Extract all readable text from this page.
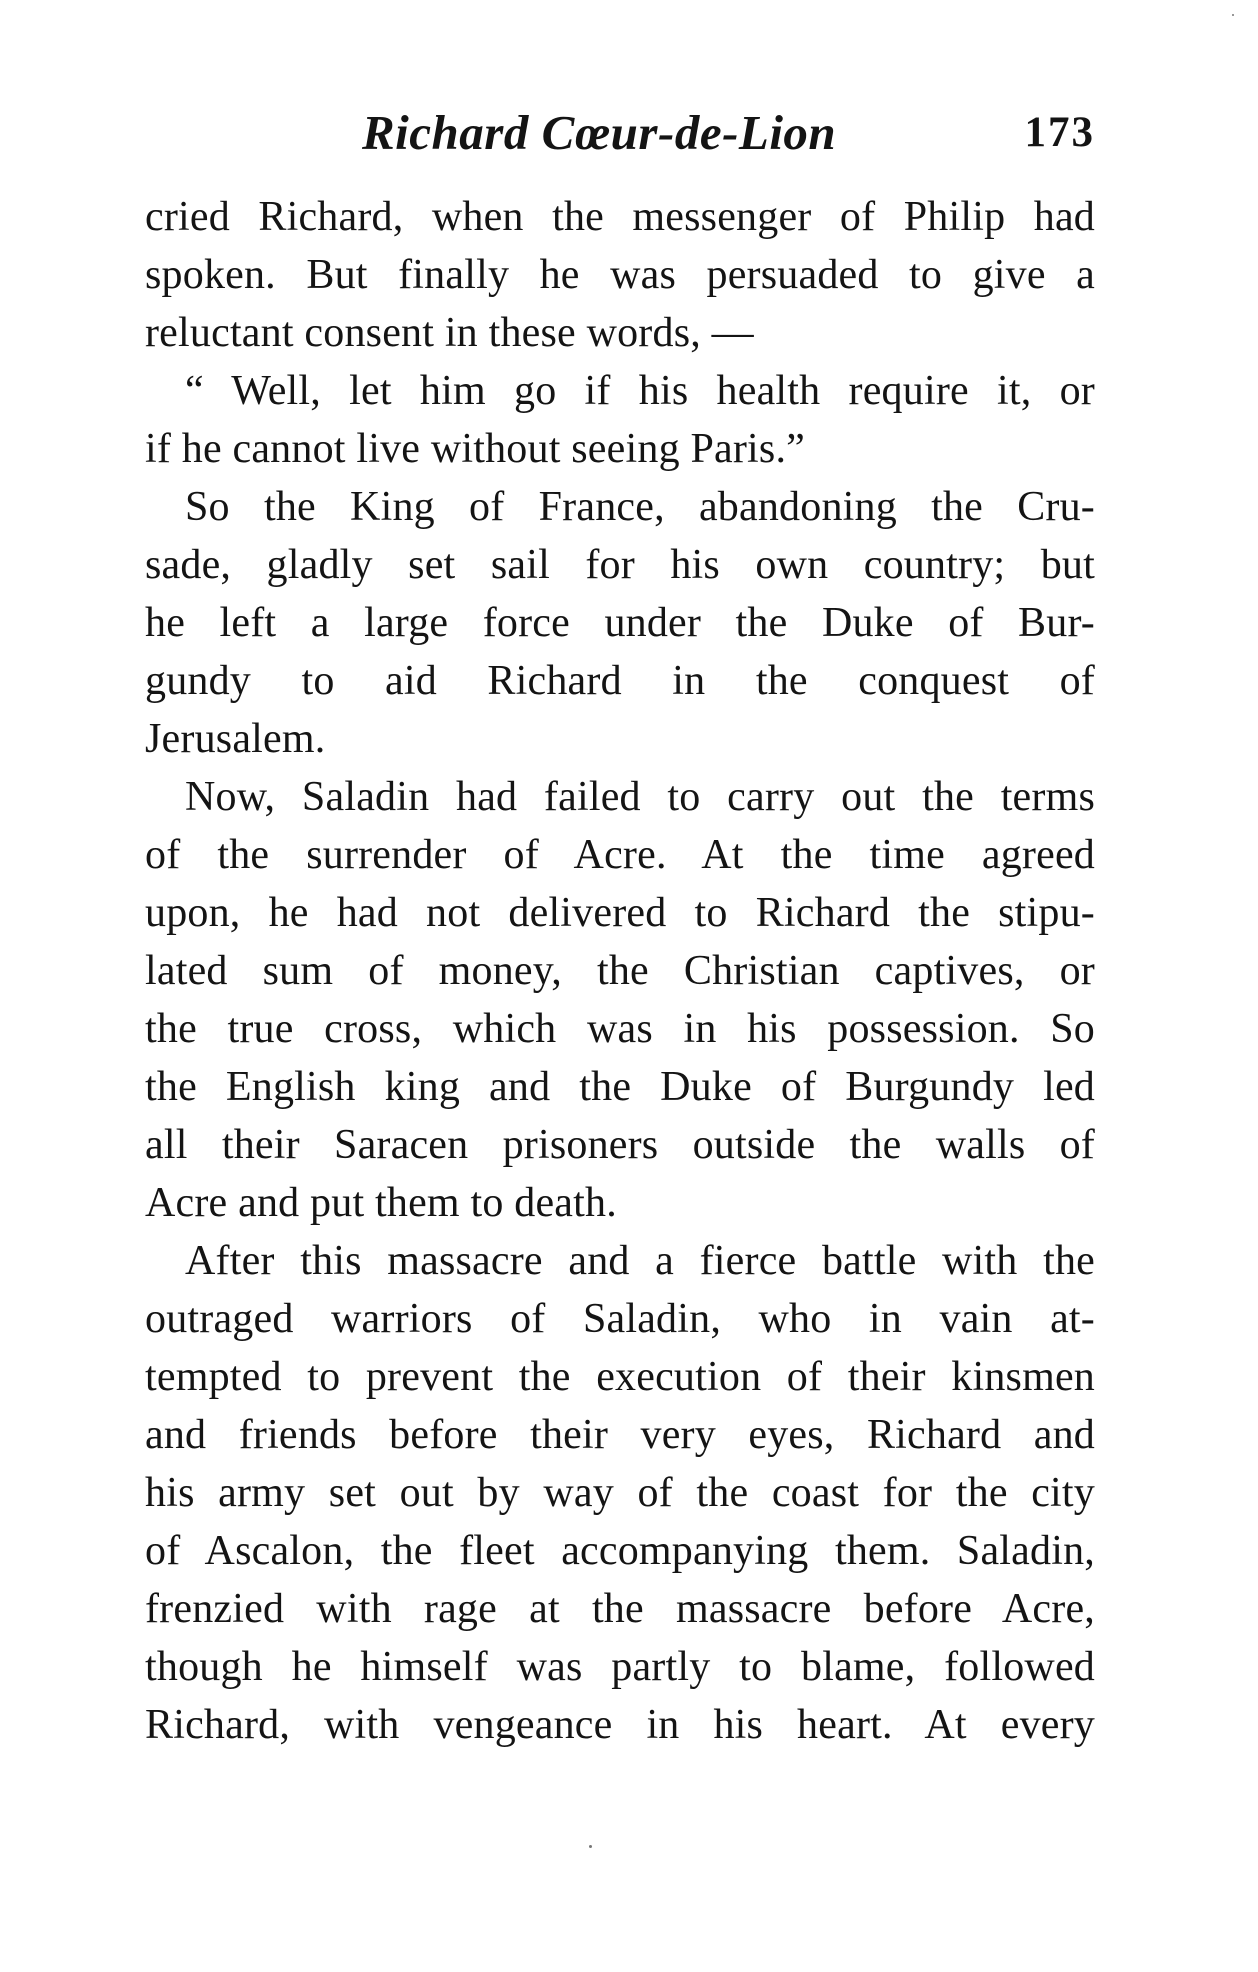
Richard Cœur-de-Lion	173
cried Richard, when the messenger of Philip had
spoken. But finally he was persuaded to give a
reluctant consent in these words, —
“ Well, let him go if his health require it, or
if he cannot live without seeing Paris.”
So the King of France, abandoning the Cru-
sade, gladly set sail for his own country; but
he left a large force under the Duke of Bur-
gundy to aid Richard in the conquest of
Jerusalem.
Now, Saladin had failed to carry out the terms
of the surrender of Acre. At the time agreed
upon, he had not delivered to Richard the stipu-
lated sum of money, the Christian captives, or
the true cross, which was in his possession. So
the English king and the Duke of Burgundy led
all their Saracen prisoners outside the walls of
Acre and put them to death.
After this massacre and a fierce battle with the
outraged warriors of Saladin, who in vain at-
tempted to prevent the execution of their kinsmen
and friends before their very eyes, Richard and
his army set out by way of the coast for the city
of Ascalon, the fleet accompanying them. Saladin,
frenzied with rage at the massacre before Acre,
though he himself was partly to blame, followed
Richard, with vengeance in his heart. At every
